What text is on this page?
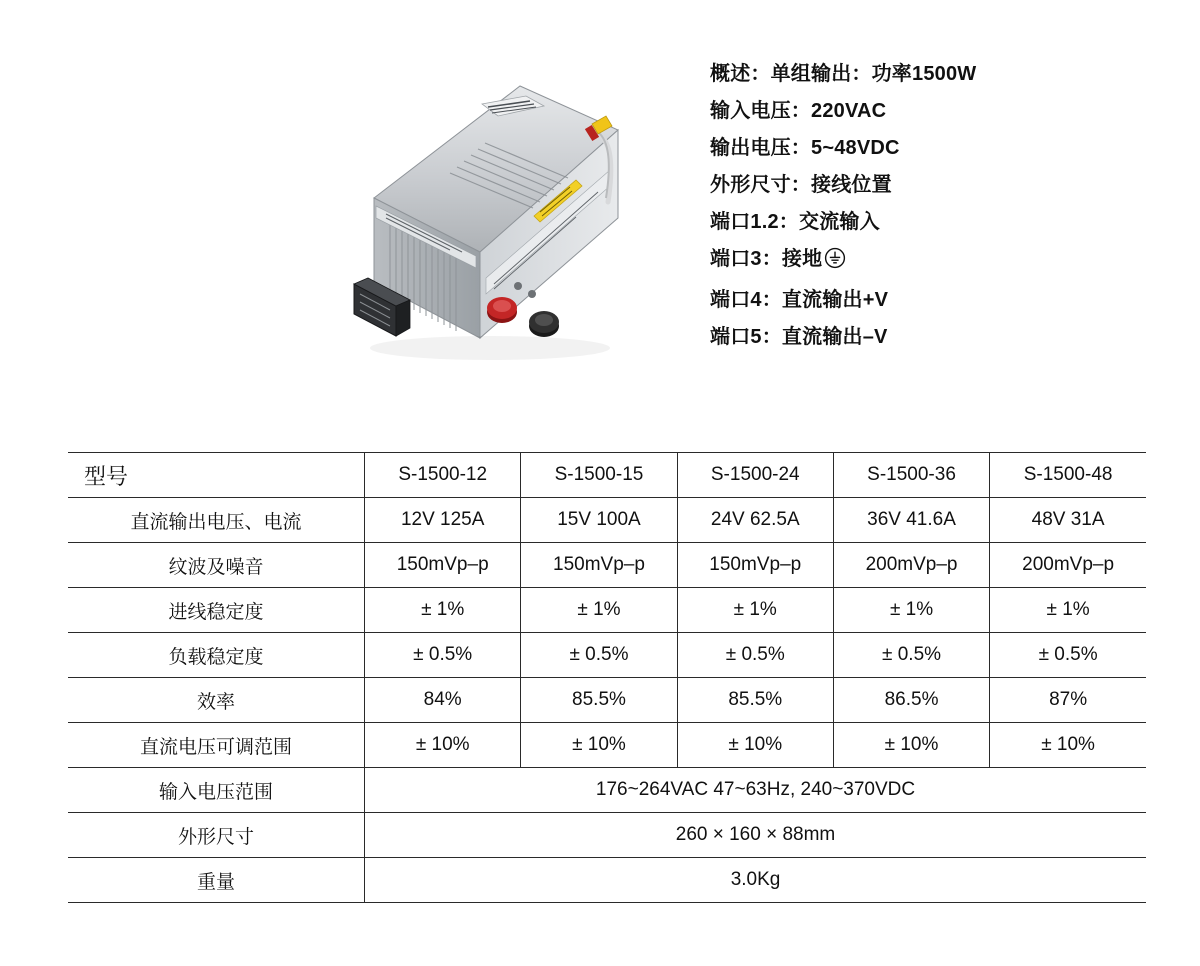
概述：单组输出：功率1500W
输入电压：220VAC
输出电压：5~48VDC
外形尺寸：接线位置
端口1.2：交流输入
端口3：接地
端口4：直流输出+V
端口5：直流输出–V
型号	S-1500-12	S-1500-15	S-1500-24	S-1500-36	S-1500-48
直流输出电压、电流	12V 125A	15V 100A	24V 62.5A	36V 41.6A	48V 31A
纹波及噪音	150mVp–p	150mVp–p	150mVp–p	200mVp–p	200mVp–p
进线稳定度	± 1%	± 1%	± 1%	± 1%	± 1%
负载稳定度	± 0.5%	± 0.5%	± 0.5%	± 0.5%	± 0.5%
效率	84%	85.5%	85.5%	86.5%	87%
直流电压可调范围	± 10%	± 10%	± 10%	± 10%	± 10%
输入电压范围	176~264VAC 47~63Hz, 240~370VDC				
外形尺寸	260 × 160 × 88mm				
重量	3.0Kg				
